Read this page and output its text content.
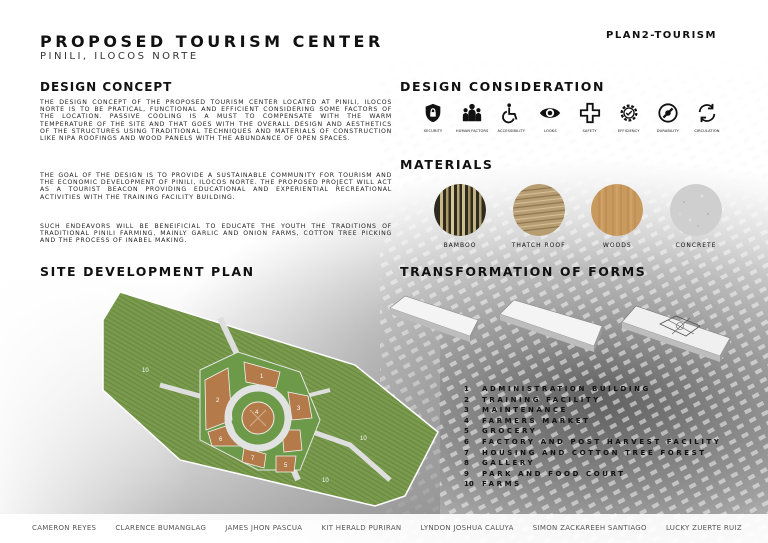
PROPOSED TOURISM CENTER
PINILI, ILOCOS NORTE
PLAN2-TOURISM
DESIGN CONCEPT
THE DESIGN CONCEPT OF THE PROPOSED TOURISM CENTER LOCATED AT PINILI, ILOCOS NORTE IS TO BE PRATICAL, FUNCTIONAL AND EFFICIENT CONSIDERING SOME FACTORS OF THE LOCATION. PASSIVE COOLING IS A MUST TO COMPENSATE WITH THE WARM TEMPERATURE OF THE SITE AND THAT GOES WITH THE OVERALL DESIGN AND AESTHETICS OF THE STRUCTURES USING TRADITIONAL TECHNIQUES AND MATERIALS OF CONSTRUCTION LIKE NIPA ROOFINGS AND WOOD PANELS WITH THE ABUNDANCE OF OPEN SPACES.
THE GOAL OF THE DESIGN IS TO PROVIDE A SUSTAINABLE COMMUNITY FOR TOURISM AND THE ECONOMIC DEVELOPMENT OF PINILI, ILOCOS NORTE. THE PROPOSED PROJECT WILL ACT AS A TOURIST BEACON PROVIDING EDUCATIONAL AND EXPERIENTIAL RECREATIONAL ACTIVITIES WITH THE TRAINING FACILITY BUILDING.
SUCH ENDEAVORS WILL BE BENEIFICIAL TO EDUCATE THE YOUTH THE TRADITIONS OF TRADITIONAL PINILI FARMING, MAINLY GARLIC AND ONION FARMS, COTTON TREE PICKING AND THE PROCESS OF INABEL MAKING.
DESIGN CONSIDERATION
SECURITY	HUMAN FACTORS	ACCESSIBILITY	LOOKS	SAFETY	EFFICIENCY	DURABILITY	CIRCULATION
MATERIALS
BAMBOO	THATCH ROOF	WOODS	CONCRETE
SITE DEVELOPMENT PLAN
10
2
4
1
3
6
5
7
10
10
TRANSFORMATION OF FORMS
1 ADMINISTRATION BUILDING
2 TRAINING FACILITY
3 MAINTENANCE
4 FARMERS MARKET
5 GROCERY
6 FACTORY AND POST HARVEST FACILITY
7 HOUSING AND COTTON TREE FOREST
8 GALLERY
9 PARK AND FOOD COURT
10 FARMS
CAMERON REYES	CLARENCE BUMANGLAG	JAMES JHON PASCUA	KIT HERALD PURIRAN	LYNDON JOSHUA CALUYA	SIMON ZACKAREEH SANTIAGO	LUCKY ZUERTE RUIZ
